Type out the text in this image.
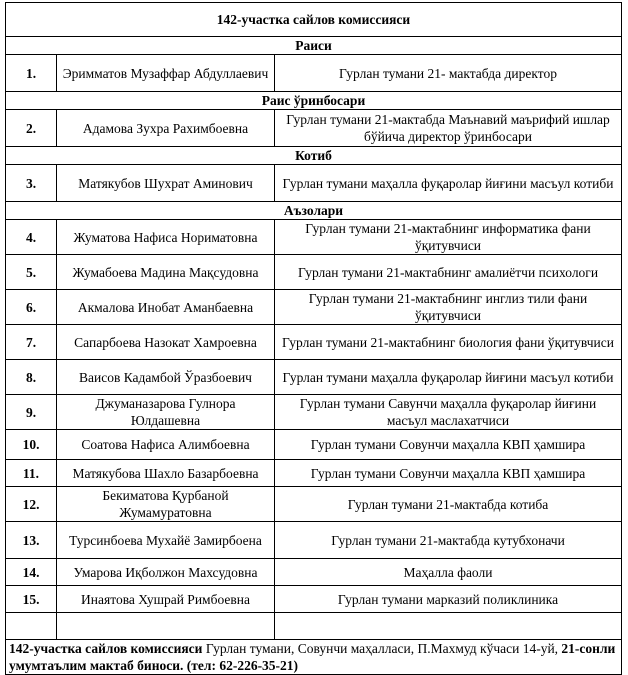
142-участка сайлов комиссияси		
Раиси		
1.	Эримматов Музаффар Абдуллаевич	Гурлан тумани 21- мактабда директор
Раис ўринбосари		
2.	Адамова Зухра Рахимбоевна	Гурлан тумани 21-мактабда Маънавий маърифий ишлар бўйича директор ўринбосари
Котиб		
3.	Матякубов Шухрат Аминович	Гурлан тумани маҳалла фуқаролар йиғини масъул котиби
Аъзолари		
4.	Жуматова Нафиса Нориматовна	Гурлан тумани 21-мактабнинг информатика фани ўқитувчиси
5.	Жумабоева Мадина Мақсудовна	Гурлан тумани 21-мактабнинг амалиётчи психологи
6.	Акмалова Инобат Аманбаевна	Гурлан тумани 21-мактабнинг инглиз тили фани ўқитувчиси
7.	Сапарбоева Назокат Хамроевна	Гурлан тумани 21-мактабнинг биология фани ўқитувчиси
8.	Ваисов Кадамбой Ўразбоевич	Гурлан тумани маҳалла фуқаролар йиғини масъул котиби
9.	Джуманазарова Гулнора Юлдашевна	Гурлан тумани Савунчи маҳалла фуқаролар йиғини масъул маслахатчиси
10.	Соатова Нафиса Алимбоевна	Гурлан тумани Совунчи маҳалла КВП ҳамшира
11.	Матякубова Шахло Базарбоевна	Гурлан тумани Совунчи маҳалла КВП ҳамшира
12.	Бекиматова Қурбаной Жумамуратовна	Гурлан тумани 21-мактабда котиба
13.	Турсинбоева Мухайё Замирбоена	Гурлан тумани 21-мактабда кутубхоначи
14.	Умарова Иқболжон Махсудовна	Маҳалла фаоли
15.	Инаятова Хушрай Римбоевна	Гурлан тумани марказий поликлиника

142-участка сайлов комиссияси Гурлан тумани, Совунчи маҳалласи, П.Махмуд кўчаси 14-уй, 21-сонли умумтаълим мактаб биноси. (тел: 62-226-35-21)		
